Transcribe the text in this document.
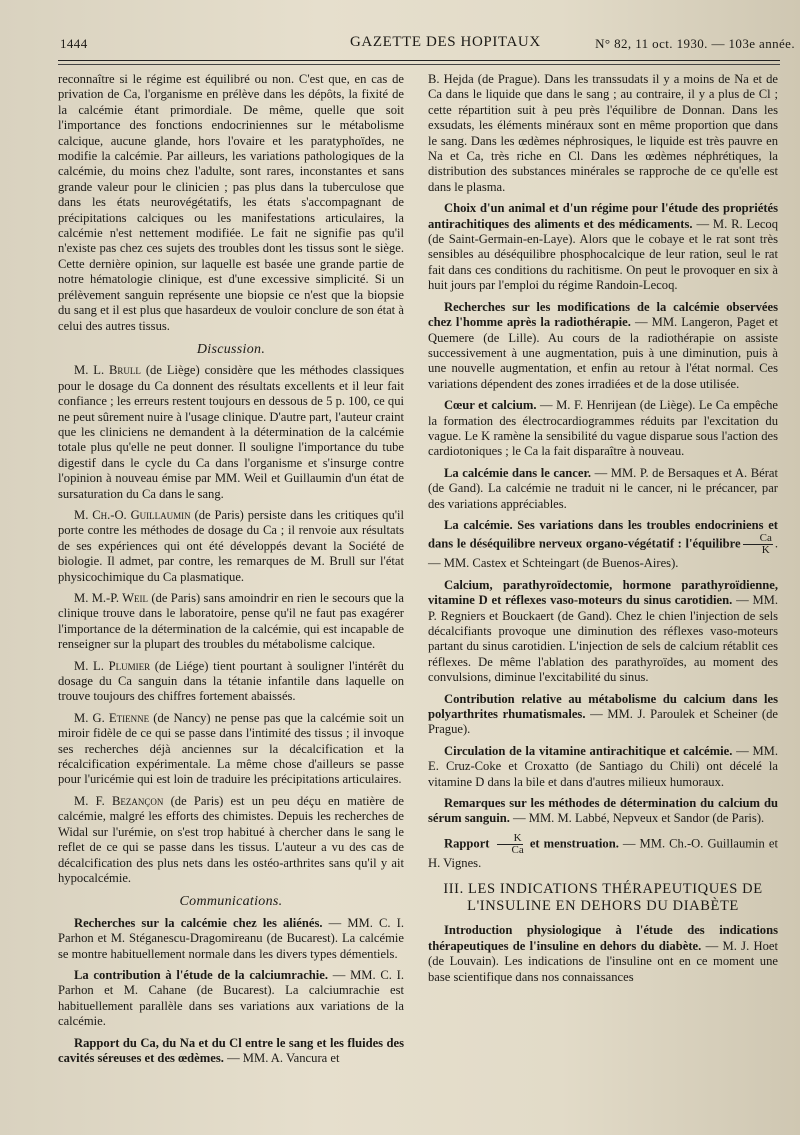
1444	GAZETTE DES HOPITAUX	N° 82, 11 oct. 1930. — 103e année.

reconnaître si le régime est équilibré ou non. C'est que, en cas de privation de Ca, l'organisme en prélève dans les dépôts, la fixité de la calcémie étant primordiale. De même, quelle que soit l'importance des fonctions endocriniennes sur le métabolisme calcique, aucune glande, hors l'ovaire et les paratyphoïdes, ne modifie la calcémie. Par ailleurs, les variations pathologiques de la calcémie, du moins chez l'adulte, sont rares, inconstantes et sans grande valeur pour le clinicien ; pas plus dans la tuberculose que dans les états neurovégétatifs, les états s'accompagnant de précipitations calciques ou les manifestations articulaires, la calcémie n'est nettement modifiée. Le fait ne signifie pas qu'il n'existe pas chez ces sujets des troubles dont les tissus sont le siège. Cette dernière opinion, sur laquelle est basée une grande partie de notre hématologie clinique, est d'une excessive simplicité. Si un prélèvement sanguin représente une biopsie ce n'est que la biopsie du sang et il est plus que hasardeux de vouloir conclure de son état à celui des autres tissus.

Discussion.

M. L. Brull (de Liège) considère que les méthodes classiques pour le dosage du Ca donnent des résultats excellents et il leur fait confiance ; les erreurs restent toujours en dessous de 5 p. 100, ce qui ne peut sûrement nuire à l'usage clinique. D'autre part, l'auteur craint que les cliniciens ne demandent à la détermination de la calcémie totale plus qu'elle ne peut donner. Il souligne l'importance du tube digestif dans le cycle du Ca dans l'organisme et s'insurge contre l'opinion à nouveau émise par MM. Weil et Guillaumin d'un état de sursaturation du Ca dans le sang.

M. Ch.-O. Guillaumin (de Paris) persiste dans les critiques qu'il porte contre les méthodes de dosage du Ca ; il renvoie aux résultats de ses expériences qui ont été développés devant la Société de biologie. Il admet, par contre, les remarques de M. Brull sur l'état physicochimique du Ca plasmatique.

M. M.-P. Weil (de Paris) sans amoindrir en rien le secours que la clinique trouve dans le laboratoire, pense qu'il ne faut pas exagérer l'importance de la détermination de la calcémie, qui est incapable de renseigner sur la plupart des troubles du métabolisme calcique.

M. L. Plumier (de Liége) tient pourtant à souligner l'intérêt du dosage du Ca sanguin dans la tétanie infantile dans laquelle on trouve toujours des chiffres fortement abaissés.

M. G. Etienne (de Nancy) ne pense pas que la calcémie soit un miroir fidèle de ce qui se passe dans l'intimité des tissus ; il invoque ses recherches déjà anciennes sur la décalcification et la récalcification expérimentale. La même chose d'ailleurs se passe pour l'uricémie qui est loin de traduire les précipitations articulaires.

M. F. Bezançon (de Paris) est un peu déçu en matière de calcémie, malgré les efforts des chimistes. Depuis les recherches de Widal sur l'urémie, on s'est trop habitué à chercher dans le sang le reflet de ce qui se passe dans les tissus. L'auteur a vu des cas de décalcification des plus nets dans les ostéo-arthrites sans qu'il y ait hypocalcémie.

Communications.

Recherches sur la calcémie chez les aliénés. — MM. C. I. Parhon et M. Stéganescu-Dragomireanu (de Bucarest). La calcémie se montre habituellement normale dans les divers types démentiels.

La contribution à l'étude de la calciumrachie. — MM. C. I. Parhon et M. Cahane (de Bucarest). La calciumrachie est habituellement parallèle dans ses variations aux variations de la calcémie.

Rapport du Ca, du Na et du Cl entre le sang et les fluides des cavités séreuses et des œdèmes. — MM. A. Vancura et

B. Hejda (de Prague). Dans les transsudats il y a moins de Na et de Ca dans le liquide que dans le sang ; au contraire, il y a plus de Cl ; cette répartition suit à peu près l'équilibre de Donnan. Dans les exsudats, les éléments minéraux sont en même proportion que dans le sang. Dans les œdèmes néphrosiques, le liquide est très pauvre en Na et Ca, très riche en Cl. Dans les œdèmes néphrétiques, la distribution des substances minérales se rapproche de ce qu'elle est dans le plasma.

Choix d'un animal et d'un régime pour l'étude des propriétés antirachitiques des aliments et des médicaments. — M. R. Lecoq (de Saint-Germain-en-Laye). Alors que le cobaye et le rat sont très sensibles au déséquilibre phosphocalcique de leur ration, seul le rat fait dans ces conditions du rachitisme. On peut le provoquer en six à huit jours par l'emploi du régime Randoin-Lecoq.

Recherches sur les modifications de la calcémie observées chez l'homme après la radiothérapie. — MM. Langeron, Paget et Quemere (de Lille). Au cours de la radiothérapie on assiste successivement à une augmentation, puis à une diminution, puis à une nouvelle augmentation, et enfin au retour à l'état normal. Ces variations dépendent des zones irradiées et de la dose utilisée.

Cœur et calcium. — M. F. Henrijean (de Liège). Le Ca empêche la formation des électrocardiogrammes réduits par l'excitation du vague. Le K ramène la sensibilité du vague disparue sous l'action des cardiotoniques ; le Ca la fait disparaître à nouveau.

La calcémie dans le cancer. — MM. P. de Bersaques et A. Bérat (de Gand). La calcémie ne traduit ni le cancer, ni le précancer, par des variations appréciables.

La calcémie. Ses variations dans les troubles endocriniens et dans le déséquilibre nerveux organo-végétatif : l'équilibre $\frac{Ca}{K}$ . — MM. Castex et Schteingart (de Buenos-Aires).

Calcium, parathyroïdectomie, hormone parathyroïdienne, vitamine D et réflexes vaso-moteurs du sinus carotidien. — MM. P. Regniers et Bouckaert (de Gand). Chez le chien l'injection de sels décalcifiants provoque une diminution des réflexes vaso-moteurs partant du sinus carotidien. L'injection de sels de calcium rétablit ces réflexes. De même l'ablation des parathyroïdes, au moment des convulsions, diminue l'excitabilité du sinus.

Contribution relative au métabolisme du calcium dans les polyarthrites rhumatismales. — MM. J. Paroulek et Scheiner (de Prague).

Circulation de la vitamine antirachitique et calcémie. — MM. E. Cruz-Coke et Croxatto (de Santiago du Chili) ont décelé la vitamine D dans la bile et dans d'autres milieux humoraux.

Remarques sur les méthodes de détermination du calcium du sérum sanguin. — MM. M. Labbé, Nepveux et Sandor (de Paris).

Rapport $\frac{K}{Ca}$ et menstruation. — MM. Ch.-O. Guillaumin et H. Vignes.

III. LES INDICATIONS THÉRAPEUTIQUES DE L'INSULINE EN DEHORS DU DIABÈTE

Introduction physiologique à l'étude des indications thérapeutiques de l'insuline en dehors du diabète. — M. J. Hoet (de Louvain). Les indications de l'insuline ont en ce moment une base scientifique dans nos connaissances
